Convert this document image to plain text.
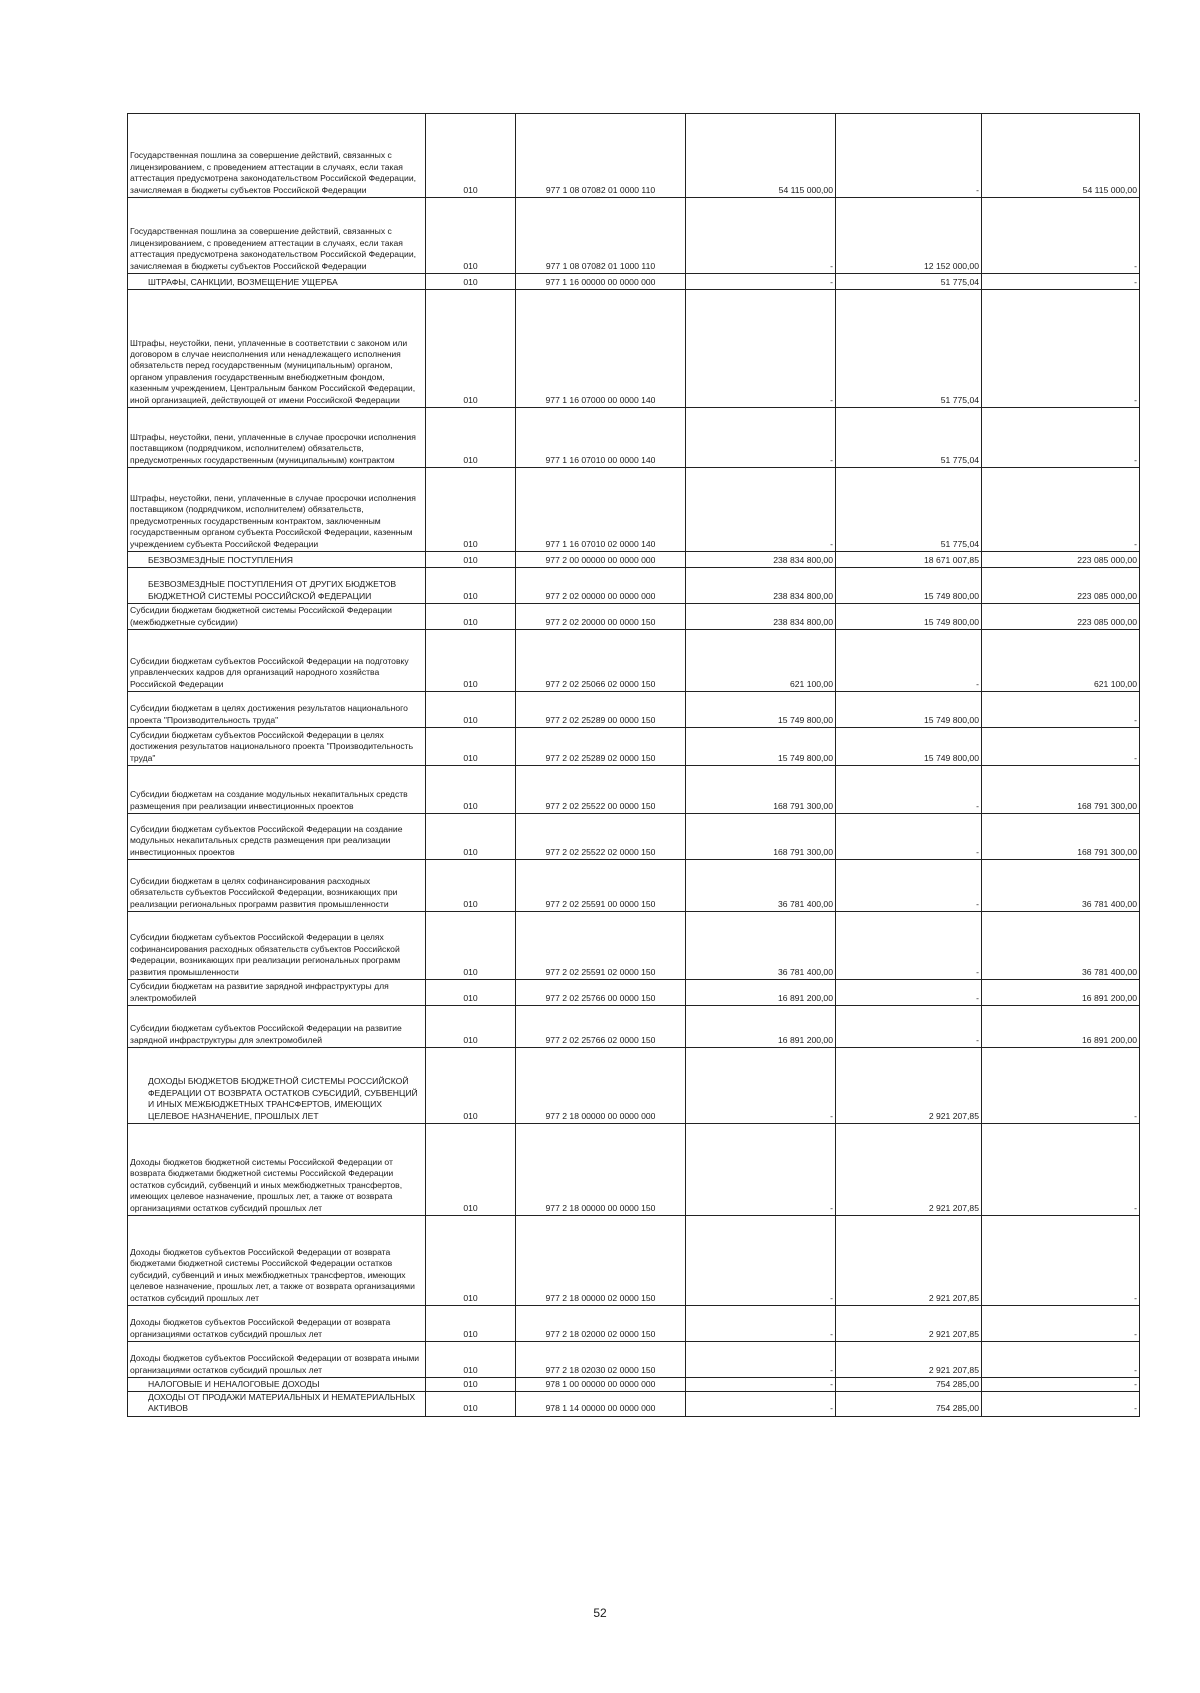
Государственная пошлина за совершение действий, связанных с лицензированием, с проведением аттестации в случаях, если такая аттестация предусмотрена законодательством Российской Федерации, зачисляемая в бюджеты субъектов Российской Федерации	010	977 1 08 07082 01 0000 110	54 115 000,00	-	54 115 000,00
Государственная пошлина за совершение действий, связанных с лицензированием, с проведением аттестации в случаях, если такая аттестация предусмотрена законодательством Российской Федерации, зачисляемая в бюджеты субъектов Российской Федерации	010	977 1 08 07082 01 1000 110	-	12 152 000,00	-
ШТРАФЫ, САНКЦИИ, ВОЗМЕЩЕНИЕ УЩЕРБА	010	977 1 16 00000 00 0000 000	-	51 775,04	-
Штрафы, неустойки, пени, уплаченные в соответствии с законом или договором в случае неисполнения или ненадлежащего исполнения обязательств перед государственным (муниципальным) органом, органом управления государственным внебюджетным фондом, казенным учреждением, Центральным банком Российской Федерации, иной организацией, действующей от имени Российской Федерации	010	977 1 16 07000 00 0000 140	-	51 775,04	-
Штрафы, неустойки, пени, уплаченные в случае просрочки исполнения поставщиком (подрядчиком, исполнителем) обязательств, предусмотренных государственным (муниципальным) контрактом	010	977 1 16 07010 00 0000 140	-	51 775,04	-
Штрафы, неустойки, пени, уплаченные в случае просрочки исполнения поставщиком (подрядчиком, исполнителем) обязательств, предусмотренных государственным контрактом, заключенным государственным органом субъекта Российской Федерации, казенным учреждением субъекта Российской Федерации	010	977 1 16 07010 02 0000 140	-	51 775,04	-
БЕЗВОЗМЕЗДНЫЕ ПОСТУПЛЕНИЯ	010	977 2 00 00000 00 0000 000	238 834 800,00	18 671 007,85	223 085 000,00
БЕЗВОЗМЕЗДНЫЕ ПОСТУПЛЕНИЯ ОТ ДРУГИХ БЮДЖЕТОВ БЮДЖЕТНОЙ СИСТЕМЫ РОССИЙСКОЙ ФЕДЕРАЦИИ	010	977 2 02 00000 00 0000 000	238 834 800,00	15 749 800,00	223 085 000,00
Субсидии бюджетам бюджетной системы Российской Федерации (межбюджетные субсидии)	010	977 2 02 20000 00 0000 150	238 834 800,00	15 749 800,00	223 085 000,00
Субсидии бюджетам субъектов Российской Федерации на подготовку управленческих кадров для организаций народного хозяйства Российской Федерации	010	977 2 02 25066 02 0000 150	621 100,00	-	621 100,00
Субсидии бюджетам в целях достижения результатов национального проекта "Производительность труда"	010	977 2 02 25289 00 0000 150	15 749 800,00	15 749 800,00	-
Субсидии бюджетам субъектов Российской Федерации в целях достижения результатов национального проекта "Производительность труда"	010	977 2 02 25289 02 0000 150	15 749 800,00	15 749 800,00	-
Субсидии бюджетам на создание модульных некапитальных средств размещения при реализации инвестиционных проектов	010	977 2 02 25522 00 0000 150	168 791 300,00	-	168 791 300,00
Субсидии бюджетам субъектов Российской Федерации на создание модульных некапитальных средств размещения при реализации инвестиционных проектов	010	977 2 02 25522 02 0000 150	168 791 300,00	-	168 791 300,00
Субсидии бюджетам в целях софинансирования расходных обязательств субъектов Российской Федерации, возникающих при реализации региональных программ развития промышленности	010	977 2 02 25591 00 0000 150	36 781 400,00	-	36 781 400,00
Субсидии бюджетам субъектов Российской Федерации в целях софинансирования расходных обязательств субъектов Российской Федерации, возникающих при реализации региональных программ развития промышленности	010	977 2 02 25591 02 0000 150	36 781 400,00	-	36 781 400,00
Субсидии бюджетам на развитие зарядной инфраструктуры для электромобилей	010	977 2 02 25766 00 0000 150	16 891 200,00	-	16 891 200,00
Субсидии бюджетам субъектов Российской Федерации на развитие зарядной инфраструктуры для электромобилей	010	977 2 02 25766 02 0000 150	16 891 200,00	-	16 891 200,00
ДОХОДЫ БЮДЖЕТОВ БЮДЖЕТНОЙ СИСТЕМЫ РОССИЙСКОЙ ФЕДЕРАЦИИ ОТ ВОЗВРАТА ОСТАТКОВ СУБСИДИЙ, СУБВЕНЦИЙ И ИНЫХ МЕЖБЮДЖЕТНЫХ ТРАНСФЕРТОВ, ИМЕЮЩИХ ЦЕЛЕВОЕ НАЗНАЧЕНИЕ, ПРОШЛЫХ ЛЕТ	010	977 2 18 00000 00 0000 000	-	2 921 207,85	-
Доходы бюджетов бюджетной системы Российской Федерации от возврата бюджетами бюджетной системы Российской Федерации остатков субсидий, субвенций и иных межбюджетных трансфертов, имеющих целевое назначение, прошлых лет, а также от возврата организациями остатков субсидий прошлых лет	010	977 2 18 00000 00 0000 150	-	2 921 207,85	-
Доходы бюджетов субъектов Российской Федерации от возврата бюджетами бюджетной системы Российской Федерации остатков субсидий, субвенций и иных межбюджетных трансфертов, имеющих целевое назначение, прошлых лет, а также от возврата организациями остатков субсидий прошлых лет	010	977 2 18 00000 02 0000 150	-	2 921 207,85	-
Доходы бюджетов субъектов Российской Федерации от возврата организациями остатков субсидий прошлых лет	010	977 2 18 02000 02 0000 150	-	2 921 207,85	-
Доходы бюджетов субъектов Российской Федерации от возврата иными организациями остатков субсидий прошлых лет	010	977 2 18 02030 02 0000 150	-	2 921 207,85	-
НАЛОГОВЫЕ И НЕНАЛОГОВЫЕ ДОХОДЫ	010	978 1 00 00000 00 0000 000	-	754 285,00	-
ДОХОДЫ ОТ ПРОДАЖИ МАТЕРИАЛЬНЫХ И НЕМАТЕРИАЛЬНЫХ АКТИВОВ	010	978 1 14 00000 00 0000 000	-	754 285,00	-
52
